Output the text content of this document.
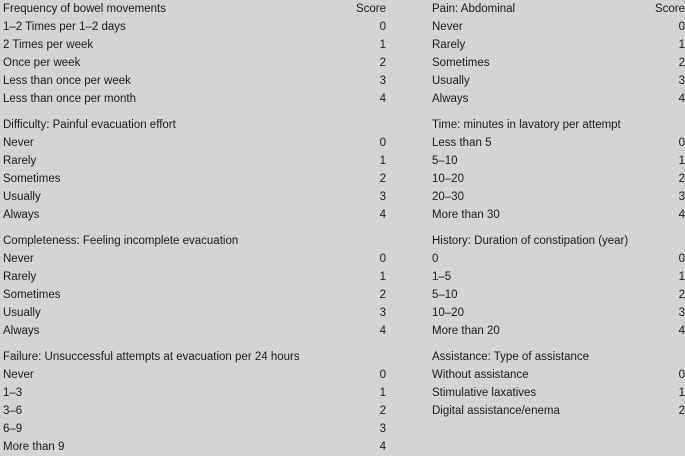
Frequency of bowel movements	Score
1–2 Times per 1–2 days	0
2 Times per week	1
Once per week	2
Less than once per week	3
Less than once per month	4
Difficulty: Painful evacuation effort
Never	0
Rarely	1
Sometimes	2
Usually	3
Always	4
Completeness: Feeling incomplete evacuation
Never	0
Rarely	1
Sometimes	2
Usually	3
Always	4
Failure: Unsuccessful attempts at evacuation per 24 hours
Never	0
1–3	1
3–6	2
6–9	3
More than 9	4
Pain: Abdominal	Score
Never	0
Rarely	1
Sometimes	2
Usually	3
Always	4
Time: minutes in lavatory per attempt
Less than 5	0
5–10	1
10–20	2
20–30	3
More than 30	4
History: Duration of constipation (year)
0	0
1–5	1
5–10	2
10–20	3
More than 20	4
Assistance: Type of assistance
Without assistance	0
Stimulative laxatives	1
Digital assistance/enema	2
